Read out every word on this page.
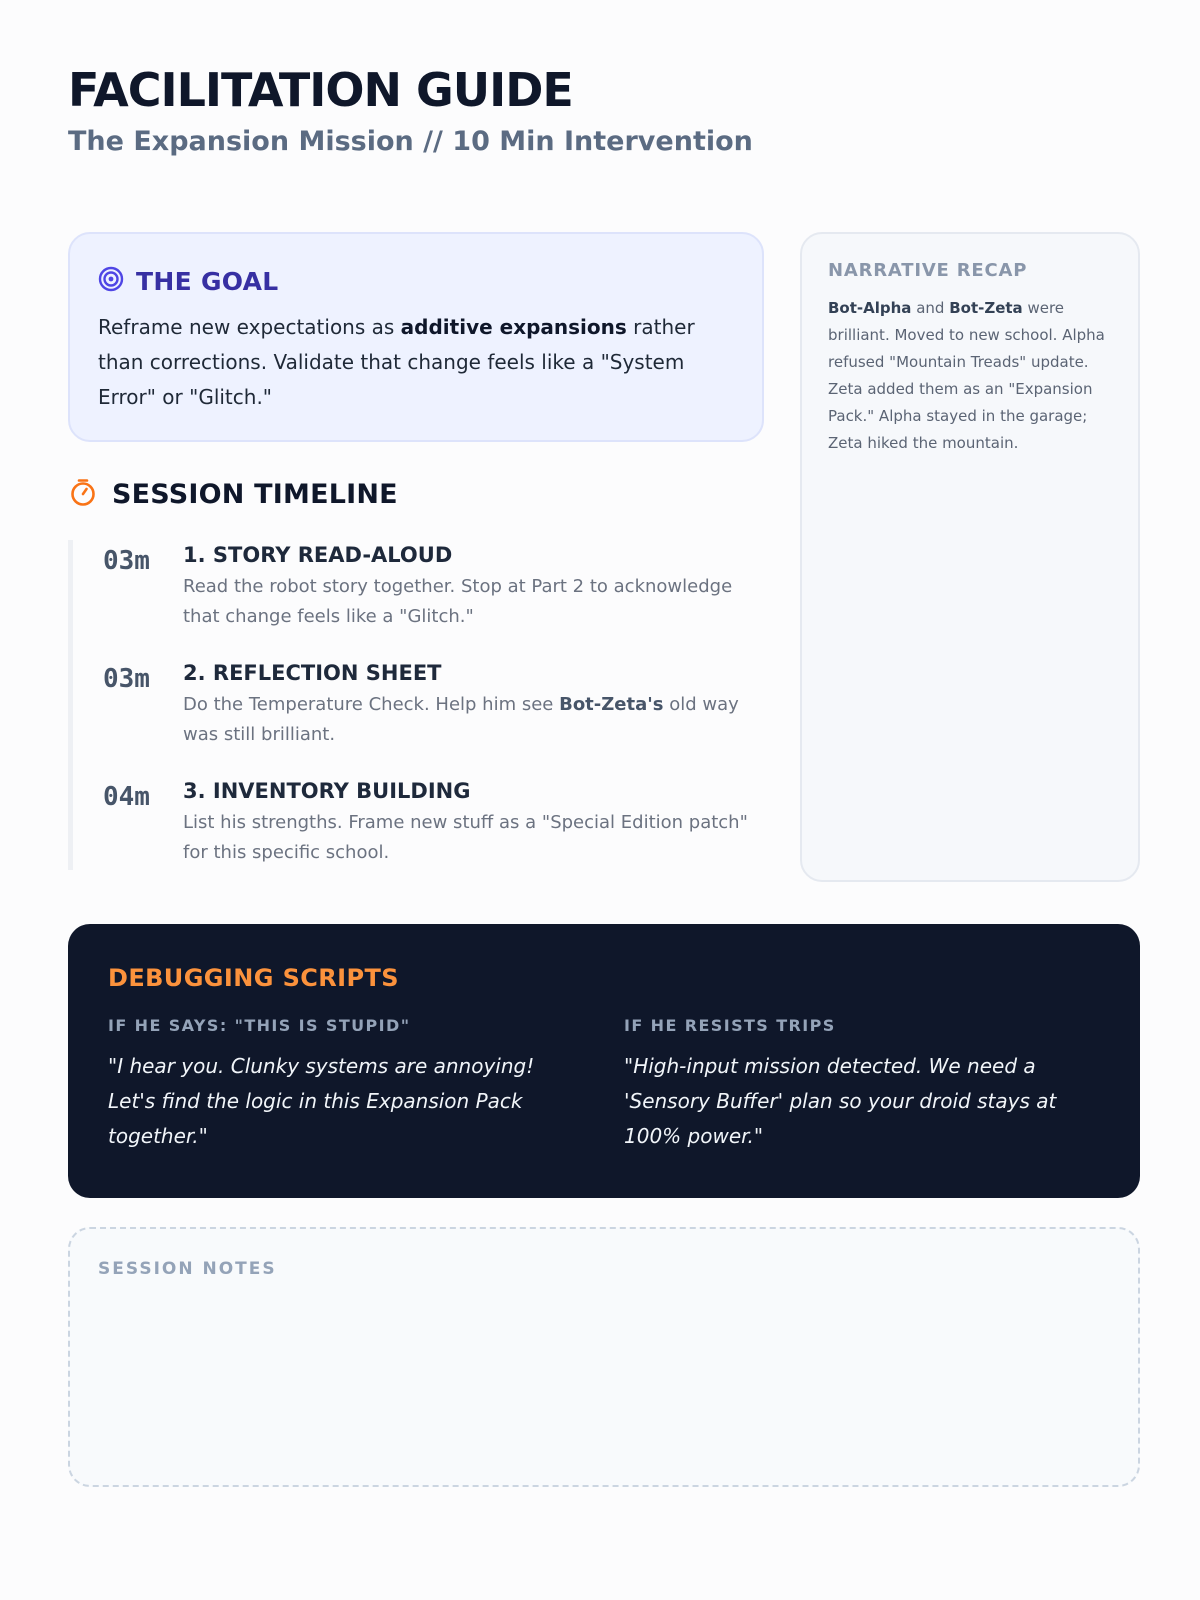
FACILITATION GUIDE
The Expansion Mission // 10 Min Intervention
THE GOAL

Reframe new expectations as additive expansions rather than corrections. Validate that change feels like a "System Error" or "Glitch."

SESSION TIMELINE
03m 1. STORY READ-ALOUD
Read the robot story together. Stop at Part 2 to acknowledge that change feels like a "Glitch."
03m 2. REFLECTION SHEET
Do the Temperature Check. Help him see Bot-Zeta's old way was still brilliant.
04m 3. INVENTORY BUILDING
List his strengths. Frame new stuff as a "Special Edition patch" for this specific school.
NARRATIVE RECAP

Bot-Alpha and Bot-Zeta were brilliant. Moved to new school. Alpha refused "Mountain Treads" update. Zeta added them as an "Expansion Pack." Alpha stayed in the garage; Zeta hiked the mountain.

DEBUGGING SCRIPTS
IF HE SAYS: "THIS IS STUPID"
"I hear you. Clunky systems are annoying! Let's find the logic in this Expansion Pack together."
IF HE RESISTS TRIPS
"High-input mission detected. We need a 'Sensory Buffer' plan so your droid stays at 100% power."
SESSION NOTES
